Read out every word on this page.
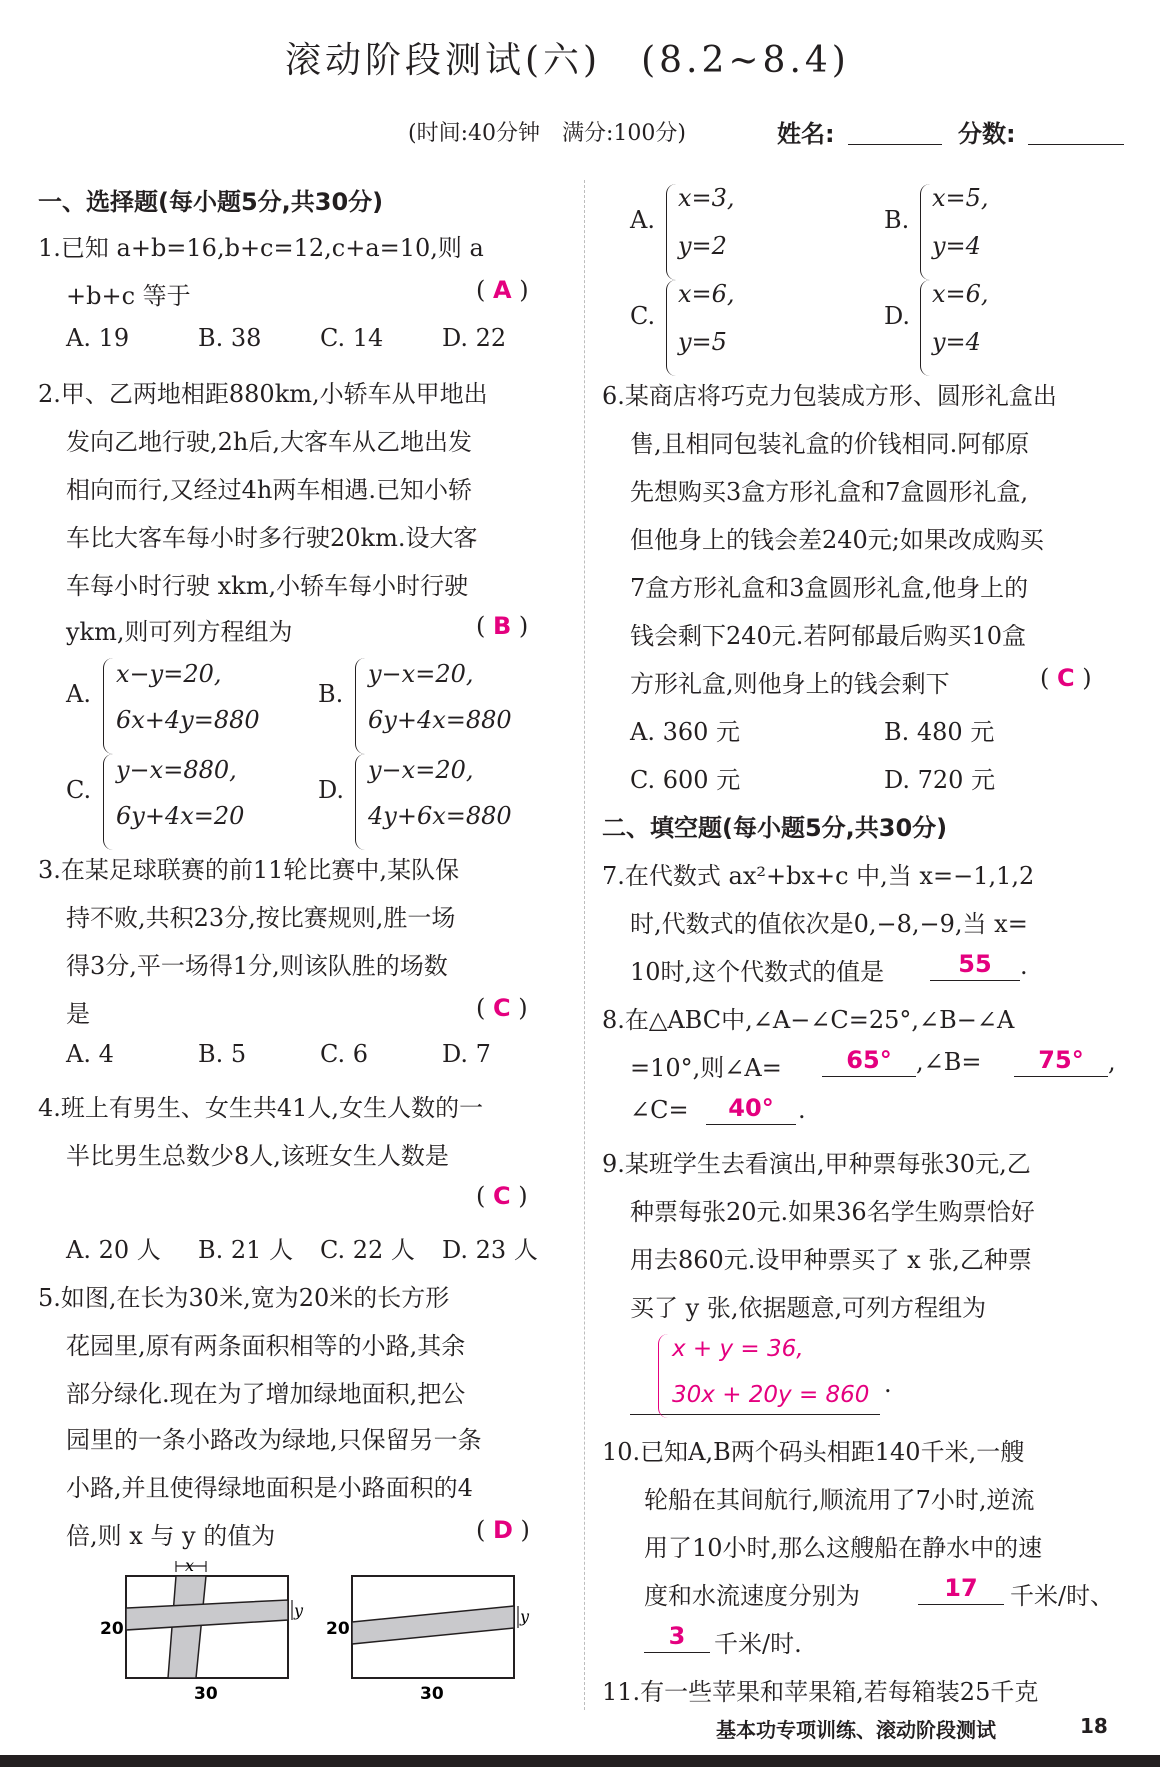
滚动阶段测试(六)　(8.2~8.4)
(时间:40分钟　满分:100分)	姓名:	分数:
一、选择题(每小题5分,共30分)
1.已知 a+b=16,b+c=12,c+a=10,则 a
+b+c 等于	( A )
A. 19	B. 38 C. 14 D. 22
2.甲、乙两地相距880km,小轿车从甲地出
发向乙地行驶,2h后,大客车从乙地出发
相向而行,又经过4h两车相遇.已知小轿
车比大客车每小时多行驶20km.设大客
车每小时行驶 xkm,小轿车每小时行驶
ykm,则可列方程组为	( B )
A.
x−y=20,
6x+4y=880
B.
y−x=20,
6y+4x=880
C.
y−x=880,
6y+4x=20
D.
y−x=20,
4y+6x=880
3.在某足球联赛的前11轮比赛中,某队保
持不败,共积23分,按比赛规则,胜一场
得3分,平一场得1分,则该队胜的场数
是	( C )
A. 4	B. 5	C. 6	D. 7
4.班上有男生、女生共41人,女生人数的一
半比男生总数少8人,该班女生人数是
( C )
A. 20 人 B. 21 人 C. 22 人 D. 23 人
5.如图,在长为30米,宽为20米的长方形
花园里,原有两条面积相等的小路,其余
部分绿化.现在为了增加绿地面积,把公
园里的一条小路改为绿地,只保留另一条
小路,并且使得绿地面积是小路面积的4
倍,则 x 与 y 的值为	( D )
x
y
20
30
y
20
30
A.
x=3,
y=2
B.
x=5,
y=4
C.
x=6,
y=5
D.
x=6,
y=4
6.某商店将巧克力包装成方形、圆形礼盒出
售,且相同包装礼盒的价钱相同.阿郁原
先想购买3盒方形礼盒和7盒圆形礼盒,
但他身上的钱会差240元;如果改成购买
7盒方形礼盒和3盒圆形礼盒,他身上的
钱会剩下240元.若阿郁最后购买10盒
方形礼盒,则他身上的钱会剩下	( C )
A. 360 元	B. 480 元
C. 600 元	D. 720 元
二、填空题(每小题5分,共30分)
7.在代数式 ax²+bx+c 中,当 x=−1,1,2
时,代数式的值依次是0,−8,−9,当 x=
10时,这个代数式的值是	55	.
8.在△ABC中,∠A−∠C=25°,∠B−∠A
=10°,则∠A=	65°	,∠B=	75°	,
∠C=	40°	.
9.某班学生去看演出,甲种票每张30元,乙
种票每张20元.如果36名学生购票恰好
用去860元.设甲种票买了 x 张,乙种票
买了 y 张,依据题意,可列方程组为
x + y = 36,
30x + 20y = 860 .
10.已知A,B两个码头相距140千米,一艘
轮船在其间航行,顺流用了7小时,逆流
用了10小时,那么这艘船在静水中的速
度和水流速度分别为	17	千米/时、
3	千米/时.
11.有一些苹果和苹果箱,若每箱装25千克
基本功专项训练、滚动阶段测试	18
